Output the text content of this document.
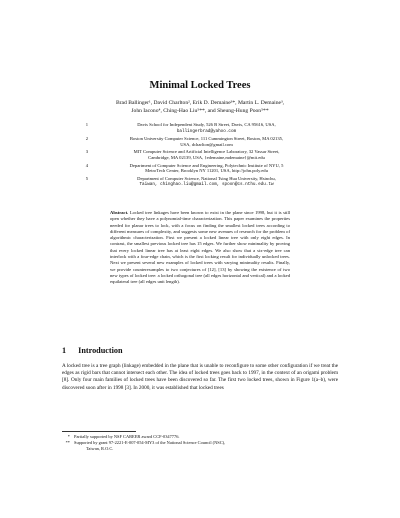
Minimal Locked Trees
Brad Ballinger¹, David Charlton², Erik D. Demaine³*, Martin L. Demaine³,
John Iacono⁴, Ching-Hao Liu⁵**, and Sheung-Hung Poon⁵**
1	Davis School for Independent Study, 526 B Street, Davis, CA 95616, USA,
ballingerbrad@yahoo.com
2	Boston University Computer Science, 111 Cummington Street, Boston, MA 02135,
USA, dcharlton@gmail.com
3	MIT Computer Science and Artificial Intelligence Laboratory, 32 Vassar Street,
Cambridge, MA 02139, USA, {edemaine,mdemaine}@mit.edu
4	Department of Computer Science and Engineering, Polytechnic Institute of NYU, 5
MetroTech Center, Brooklyn NY 11201, USA, http://john.poly.edu
5	Department of Computer Science, National Tsing Hua University, Hsinchu,
Taiwan, chinghao.liu@gmail.com, spoon@cs.nthu.edu.tw
Abstract. Locked tree linkages have been known to exist in the plane since 1998, but it is still open whether they have a polynomial-time characterization. This paper examines the properties needed for planar trees to lock, with a focus on finding the smallest locked trees according to different measures of complexity, and suggests some new avenues of research for the problem of algorithmic characterization. First we present a locked linear tree with only eight edges. In contrast, the smallest previous locked tree has 15 edges. We further show minimality by proving that every locked linear tree has at least eight edges. We also show that a six-edge tree can interlock with a four-edge chain, which is the first locking result for individually unlocked trees. Next we present several new examples of locked trees with varying minimality results. Finally, we provide counterexamples to two conjectures of [12], [13] by showing the existence of two new types of locked tree: a locked orthogonal tree (all edges horizontal and vertical) and a locked equilateral tree (all edges unit length).
1 Introduction
A locked tree is a tree graph (linkage) embedded in the plane that is unable to reconfigure to some other configuration if we treat the edges as rigid bars that cannot intersect each other. The idea of locked trees goes back to 1997, in the context of an origami problem [8]. Only four main families of locked trees have been discovered so far. The first two locked trees, shown in Figure 1(a–b), were discovered soon after in 1998 [3]. In 2000, it was established that locked trees
* Partially supported by NSF CAREER award CCF-0347776.
** Supported by grant 97-2221-E-007-054-MY3 of the National Science Council (NSC),
Taiwan, R.O.C.
